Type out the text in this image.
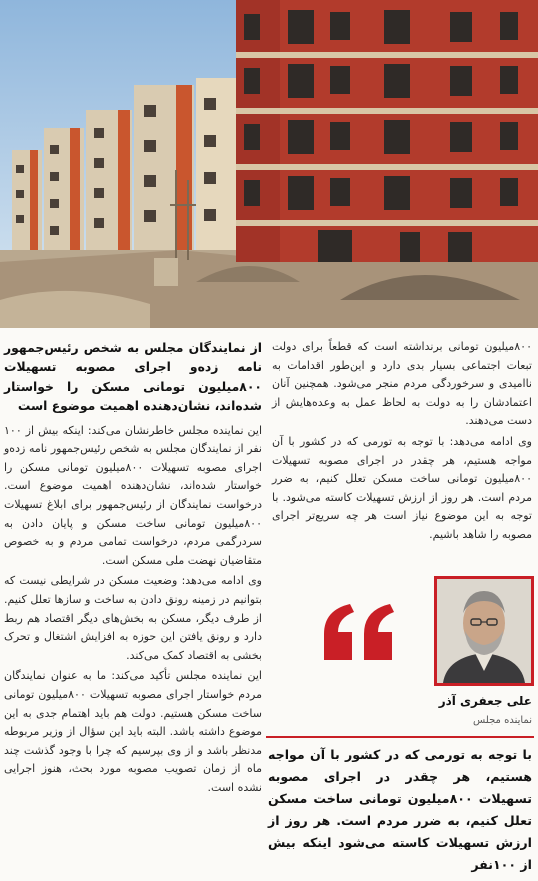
از نمایندگان مجلس به شخص رئیس‌جمهور نامه زده‌و اجرای مصوبه تسهیلات ۸۰۰میلیون تومانی مسکن را خواستار شده‌اند، نشان‌دهنده اهمیت موضوع است

این نماینده مجلس خاطرنشان می‌کند: اینکه بیش از ۱۰۰ نفر از نمایندگان مجلس به شخص رئیس‌جمهور نامه زده‌و اجرای مصوبه تسهیلات ۸۰۰میلیون تومانی مسکن را خواستار شده‌اند، نشان‌دهنده اهمیت موضوع است. درخواست نمایندگان از رئیس‌جمهور برای ابلاغ تسهیلات ۸۰۰میلیون تومانی ساخت مسکن و پایان دادن به سردرگمی مردم، درخواست تمامی مردم و به خصوص متقاضیان نهضت ملی مسکن است.

وی ادامه می‌دهد: وضعیت مسکن در شرایطی نیست که بتوانیم در زمینه رونق دادن به ساخت و سازها تعلل کنیم. از طرف دیگر، مسکن به بخش‌های دیگر اقتصاد هم ربط دارد و رونق یافتن این حوزه به افزایش اشتغال و تحرک بخشی به اقتصاد کمک می‌کند.

این نماینده مجلس تأکید می‌کند: ما به عنوان نمایندگان مردم خواستار اجرای مصوبه تسهیلات ۸۰۰میلیون تومانی ساخت مسکن هستیم. دولت هم باید اهتمام جدی به این موضوع داشته باشد. البته باید این سؤال از وزیر مربوطه مدنظر باشد و از وی بپرسیم که چرا با وجود گذشت چند ماه از زمان تصویب مصوبه مورد بحث، هنوز اجرایی نشده است.

۸۰۰میلیون تومانی برنداشته است که قطعاً برای دولت تبعات اجتماعی بسیار بدی دارد و این‌طور اقدامات به ناامیدی و سرخوردگی مردم منجر می‌شود. همچنین آنان اعتمادشان را به دولت به لحاظ عمل به وعده‌هایش از دست می‌دهند.

وی ادامه می‌دهد: با توجه به تورمی که در کشور با آن مواجه هستیم، هر چقدر در اجرای مصوبه تسهیلات ۸۰۰میلیون تومانی ساخت مسکن تعلل کنیم، به ضرر مردم است. هر روز از ارزش تسهیلات کاسته می‌شود. با توجه به این موضوع نیاز است هر چه سریع‌تر اجرای مصوبه را شاهد باشیم.

علی جعفری آذر
نماینده مجلس
با توجه به تورمی که در کشور با آن مواجه هستیم، هر چقدر در اجرای مصوبه تسهیلات ۸۰۰میلیون تومانی ساخت مسکن تعلل کنیم، به ضرر مردم است. هر روز از ارزش تسهیلات کاسته می‌شود اینکه بیش از ۱۰۰نفر
